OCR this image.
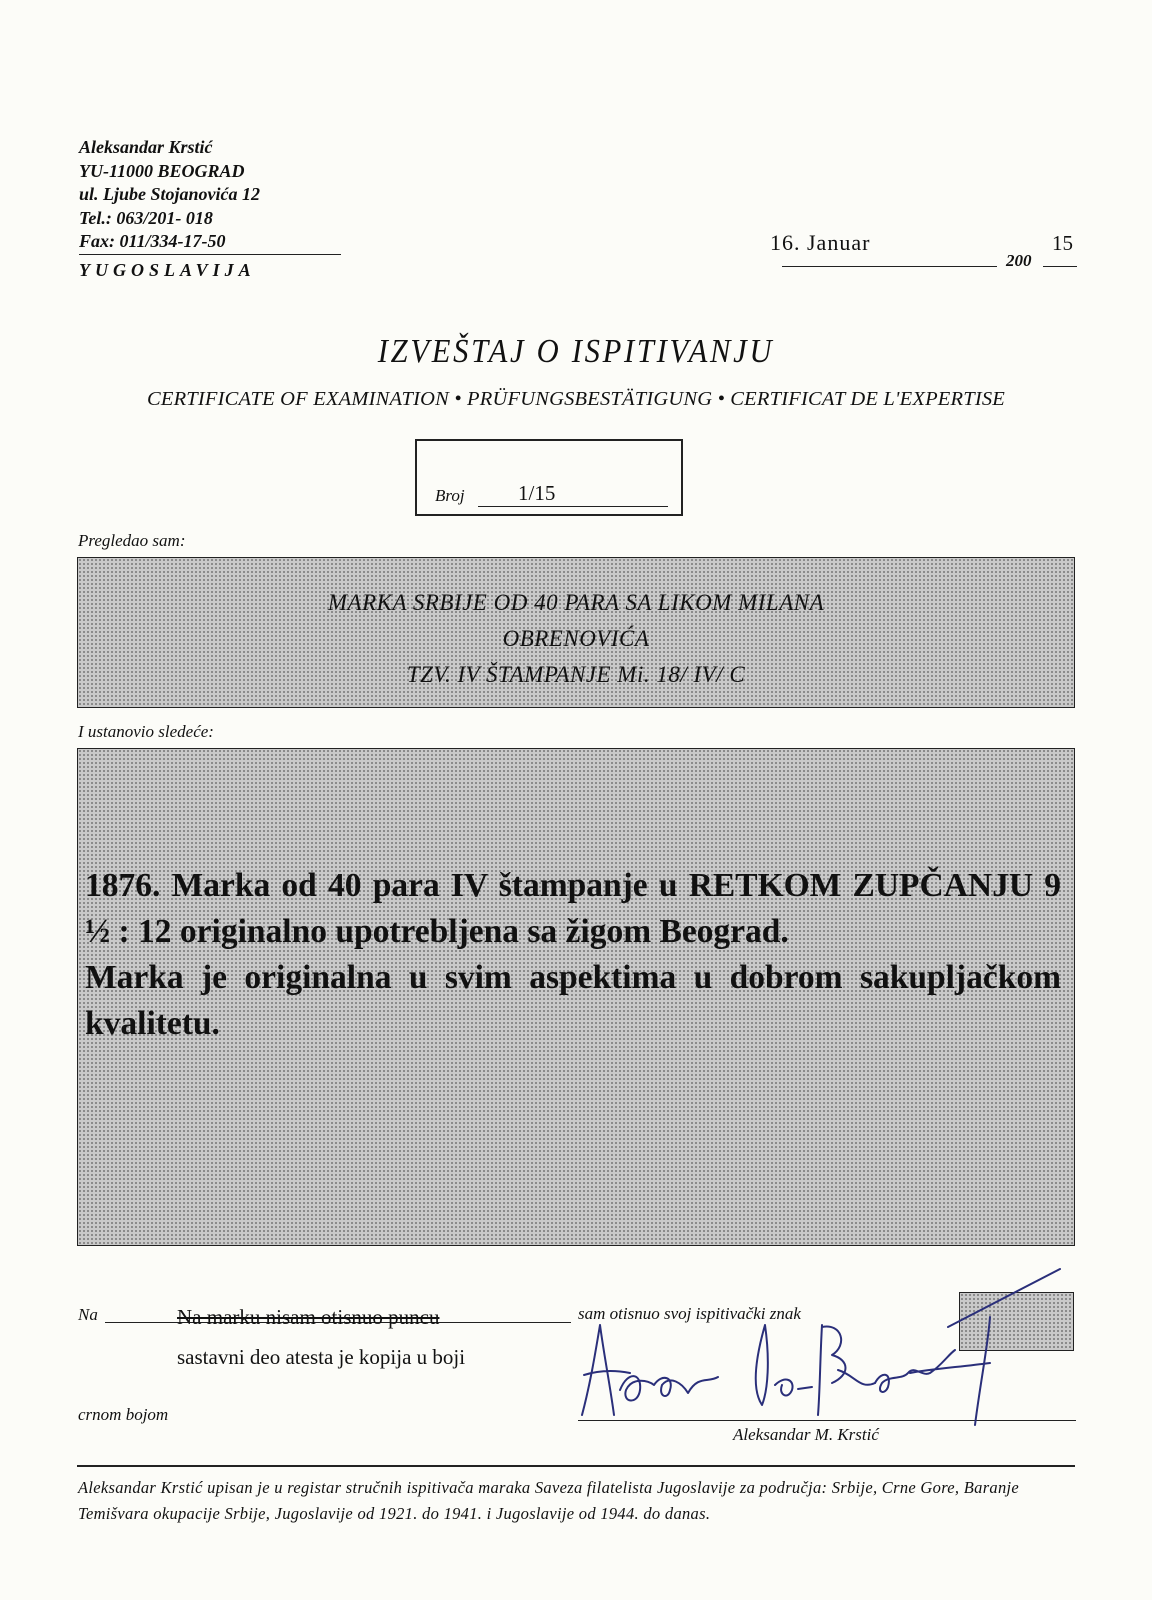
Aleksandar Krstić
YU-11000 BEOGRAD
ul. Ljube Stojanovića 12
Tel.: 063/201- 018
Fax: 011/334-17-50
YUGOSLAVIJA
16. Januar
200
15
IZVEŠTAJ O ISPITIVANJU
CERTIFICATE OF EXAMINATION • PRÜFUNGSBESTÄTIGUNG • CERTIFICAT DE L'EXPERTISE
Broj	1/15
Pregledao sam:
MARKA SRBIJE OD 40 PARA SA LIKOM MILANA
OBRENOVIĆA
TZV. IV ŠTAMPANJE Mi. 18/ IV/ C
I ustanovio sledeće:

1876. Marka od 40 para IV štampanje u RETKOM ZUPČANJU 9 ½ : 12 originalno upotrebljena sa žigom Beograd.

Marka je originalna u svim aspektima u dobrom sakupljačkom kvalitetu.

Na	Na marku nisam otisnuo puncu
sastavni deo atesta je kopija u boji
sam otisnuo svoj ispitivački znak
crnom bojom
Aleksandar M. Krstić
Aleksandar Krstić upisan je u registar stručnih ispitivača maraka Saveza filatelista Jugoslavije za područja: Srbije, Crne Gore, Baranje Temišvara okupacije Srbije, Jugoslavije od 1921. do 1941. i Jugoslavije od 1944. do danas.
